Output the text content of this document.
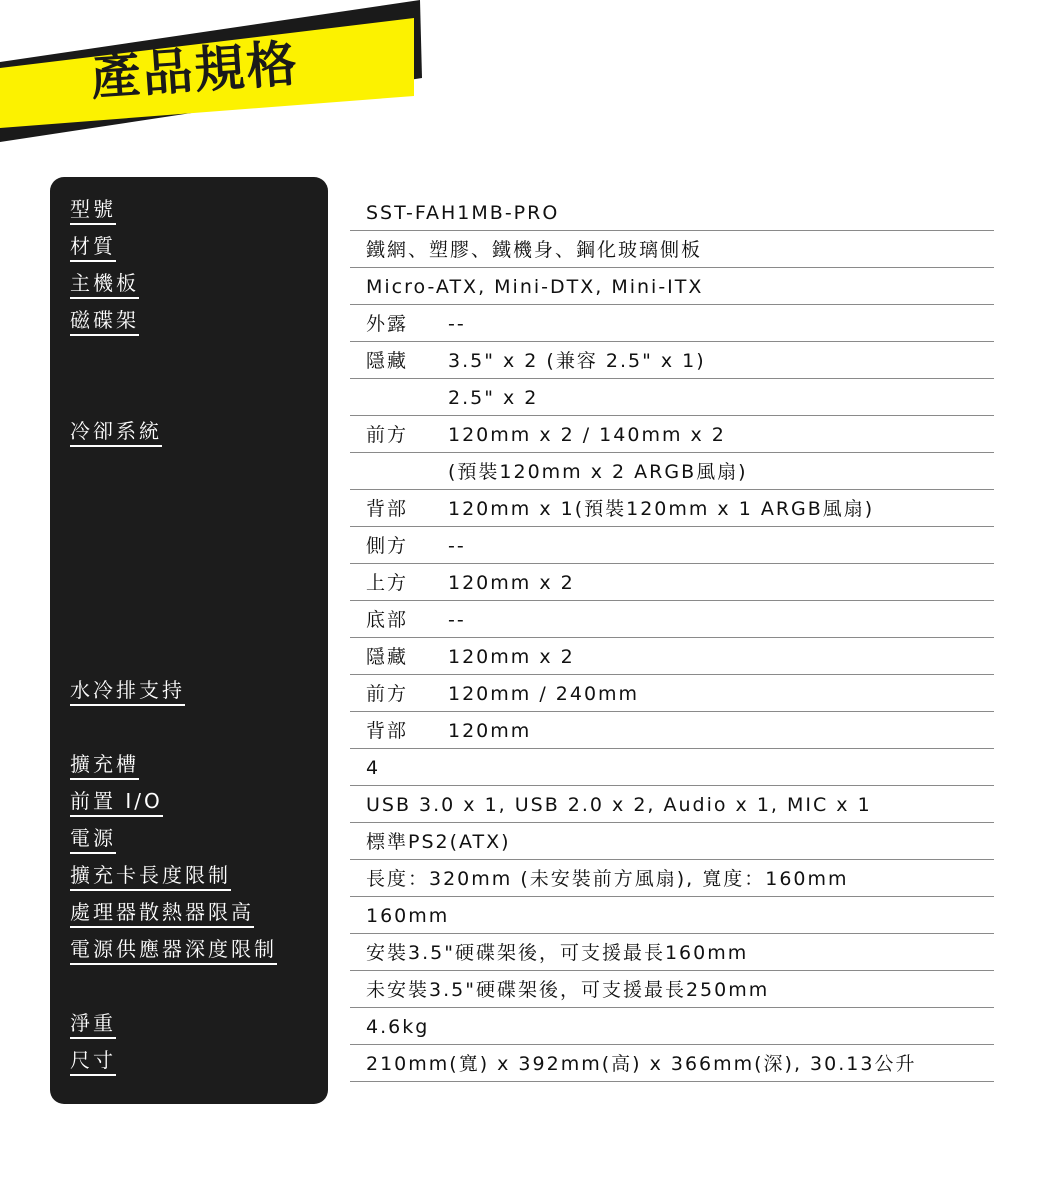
產品規格
型號
材質
主機板
磁碟架
冷卻系統
水冷排支持
擴充槽
前置 I/O
電源
擴充卡長度限制
處理器散熱器限高
電源供應器深度限制
淨重
尺寸
SST-FAH1MB-PRO
鐵網、塑膠、鐵機身、鋼化玻璃側板
Micro-ATX, Mini-DTX, Mini-ITX
外露 --
隱藏 3.5" x 2 (兼容 2.5" x 1)
2.5" x 2
前方 120mm x 2 / 140mm x 2
(預裝120mm x 2 ARGB風扇)
背部 120mm x 1(預裝120mm x 1 ARGB風扇)
側方 --
上方 120mm x 2
底部 --
隱藏 120mm x 2
前方 120mm / 240mm
背部 120mm
4
USB 3.0 x 1, USB 2.0 x 2, Audio x 1, MIC x 1
標準PS2(ATX)
長度：320mm (未安裝前方風扇), 寬度：160mm
160mm
安裝3.5"硬碟架後，可支援最長160mm
未安裝3.5"硬碟架後，可支援最長250mm
4.6kg
210mm(寬) x 392mm(高) x 366mm(深), 30.13公升
